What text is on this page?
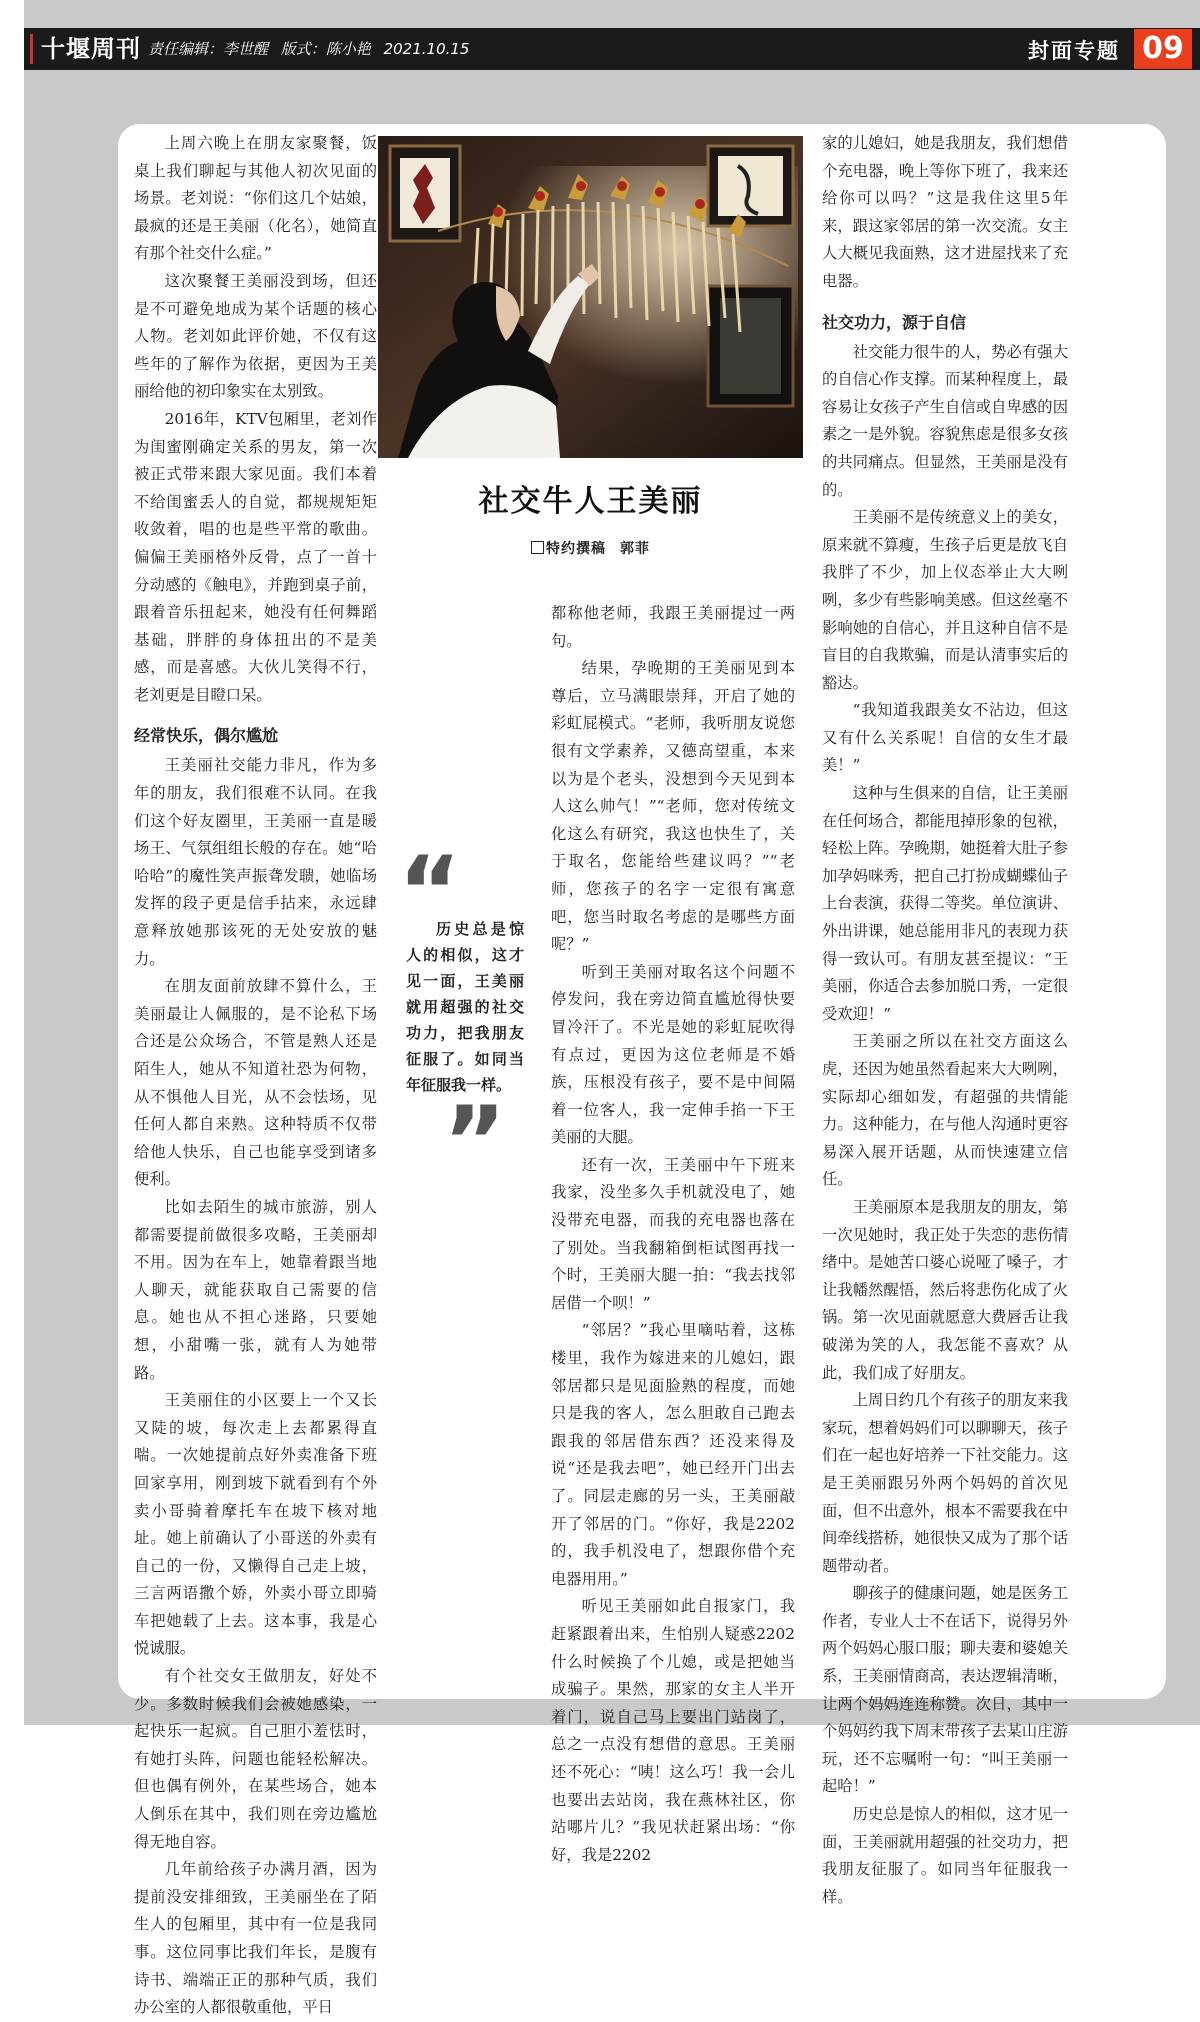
十堰周刊 责任编辑：李世醒 版式：陈小艳 2021.10.15	封面专题 09

上周六晚上在朋友家聚餐，饭桌上我们聊起与其他人初次见面的场景。老刘说：“你们这几个姑娘，最疯的还是王美丽（化名），她简直有那个社交什么症。”

这次聚餐王美丽没到场，但还是不可避免地成为某个话题的核心人物。老刘如此评价她，不仅有这些年的了解作为依据，更因为王美丽给他的初印象实在太别致。

2016年，KTV包厢里，老刘作为闺蜜刚确定关系的男友，第一次被正式带来跟大家见面。我们本着不给闺蜜丢人的自觉，都规规矩矩收敛着，唱的也是些平常的歌曲。偏偏王美丽格外反骨，点了一首十分动感的《触电》，并跑到桌子前，跟着音乐扭起来，她没有任何舞蹈基础，胖胖的身体扭出的不是美感，而是喜感。大伙儿笑得不行，老刘更是目瞪口呆。

经常快乐，偶尔尴尬

王美丽社交能力非凡，作为多年的朋友，我们很难不认同。在我们这个好友圈里，王美丽一直是暖场王、气氛组组长般的存在。她“哈哈哈”的魔性笑声振聋发聩，她临场发挥的段子更是信手拈来，永远肆意释放她那该死的无处安放的魅力。

在朋友面前放肆不算什么，王美丽最让人佩服的，是不论私下场合还是公众场合，不管是熟人还是陌生人，她从不知道社恐为何物，从不惧他人目光，从不会怯场，见任何人都自来熟。这种特质不仅带给他人快乐，自己也能享受到诸多便利。

比如去陌生的城市旅游，别人都需要提前做很多攻略，王美丽却不用。因为在车上，她靠着跟当地人聊天，就能获取自己需要的信息。她也从不担心迷路，只要她想，小甜嘴一张，就有人为她带路。

王美丽住的小区要上一个又长又陡的坡，每次走上去都累得直喘。一次她提前点好外卖准备下班回家享用，刚到坡下就看到有个外卖小哥骑着摩托车在坡下核对地址。她上前确认了小哥送的外卖有自己的一份，又懒得自己走上坡，三言两语撒个娇，外卖小哥立即骑车把她载了上去。这本事，我是心悦诚服。

有个社交女王做朋友，好处不少。多数时候我们会被她感染，一起快乐一起疯。自己胆小羞怯时，有她打头阵，问题也能轻松解决。但也偶有例外，在某些场合，她本人倒乐在其中，我们则在旁边尴尬得无地自容。

几年前给孩子办满月酒，因为提前没安排细致，王美丽坐在了陌生人的包厢里，其中有一位是我同事。这位同事比我们年长，是腹有诗书、端端正正的那种气质，我们办公室的人都很敬重他，平日

社交牛人王美丽
特约撰稿 郭菲
“
历史总是惊人的相似，这才见一面，王美丽就用超强的社交功力，把我朋友征服了。如同当年征服我一样。
”

都称他老师，我跟王美丽提过一两句。

结果，孕晚期的王美丽见到本尊后，立马满眼崇拜，开启了她的彩虹屁模式。“老师，我听朋友说您很有文学素养，又德高望重，本来以为是个老头，没想到今天见到本人这么帅气！”“老师，您对传统文化这么有研究，我这也快生了，关于取名，您能给些建议吗？”“老师，您孩子的名字一定很有寓意吧，您当时取名考虑的是哪些方面呢？”

听到王美丽对取名这个问题不停发问，我在旁边简直尴尬得快要冒冷汗了。不光是她的彩虹屁吹得有点过，更因为这位老师是不婚族，压根没有孩子，要不是中间隔着一位客人，我一定伸手掐一下王美丽的大腿。

还有一次，王美丽中午下班来我家，没坐多久手机就没电了，她没带充电器，而我的充电器也落在了别处。当我翻箱倒柜试图再找一个时，王美丽大腿一拍：“我去找邻居借一个呗！”

“邻居？”我心里嘀咕着，这栋楼里，我作为嫁进来的儿媳妇，跟邻居都只是见面脸熟的程度，而她只是我的客人，怎么胆敢自己跑去跟我的邻居借东西？还没来得及说“还是我去吧”，她已经开门出去了。同层走廊的另一头，王美丽敲开了邻居的门。“你好，我是2202的，我手机没电了，想跟你借个充电器用用。”

听见王美丽如此自报家门，我赶紧跟着出来，生怕别人疑惑2202什么时候换了个儿媳，或是把她当成骗子。果然，那家的女主人半开着门，说自己马上要出门站岗了，总之一点没有想借的意思。王美丽还不死心：“咦！这么巧！我一会儿也要出去站岗，我在燕林社区，你站哪片儿？”我见状赶紧出场：“你好，我是2202

家的儿媳妇，她是我朋友，我们想借个充电器，晚上等你下班了，我来还给你可以吗？”这是我住这里5年来，跟这家邻居的第一次交流。女主人大概见我面熟，这才进屋找来了充电器。

社交功力，源于自信

社交能力很牛的人，势必有强大的自信心作支撑。而某种程度上，最容易让女孩子产生自信或自卑感的因素之一是外貌。容貌焦虑是很多女孩的共同痛点。但显然，王美丽是没有的。

王美丽不是传统意义上的美女，原来就不算瘦，生孩子后更是放飞自我胖了不少，加上仪态举止大大咧咧，多少有些影响美感。但这丝毫不影响她的自信心，并且这种自信不是盲目的自我欺骗，而是认清事实后的豁达。

“我知道我跟美女不沾边，但这又有什么关系呢！自信的女生才最美！”

这种与生俱来的自信，让王美丽在任何场合，都能甩掉形象的包袱，轻松上阵。孕晚期，她挺着大肚子参加孕妈咪秀，把自己打扮成蝴蝶仙子上台表演，获得二等奖。单位演讲、外出讲课，她总能用非凡的表现力获得一致认可。有朋友甚至提议：“王美丽，你适合去参加脱口秀，一定很受欢迎！”

王美丽之所以在社交方面这么虎，还因为她虽然看起来大大咧咧，实际却心细如发，有超强的共情能力。这种能力，在与他人沟通时更容易深入展开话题，从而快速建立信任。

王美丽原本是我朋友的朋友，第一次见她时，我正处于失恋的悲伤情绪中。是她苦口婆心说哑了嗓子，才让我幡然醒悟，然后将悲伤化成了火锅。第一次见面就愿意大费唇舌让我破涕为笑的人，我怎能不喜欢？从此，我们成了好朋友。

上周日约几个有孩子的朋友来我家玩，想着妈妈们可以聊聊天，孩子们在一起也好培养一下社交能力。这是王美丽跟另外两个妈妈的首次见面，但不出意外，根本不需要我在中间牵线搭桥，她很快又成为了那个话题带动者。

聊孩子的健康问题，她是医务工作者，专业人士不在话下，说得另外两个妈妈心服口服；聊夫妻和婆媳关系，王美丽情商高，表达逻辑清晰，让两个妈妈连连称赞。次日，其中一个妈妈约我下周末带孩子去某山庄游玩，还不忘嘱咐一句：“叫王美丽一起哈！”

历史总是惊人的相似，这才见一面，王美丽就用超强的社交功力，把我朋友征服了。如同当年征服我一样。
